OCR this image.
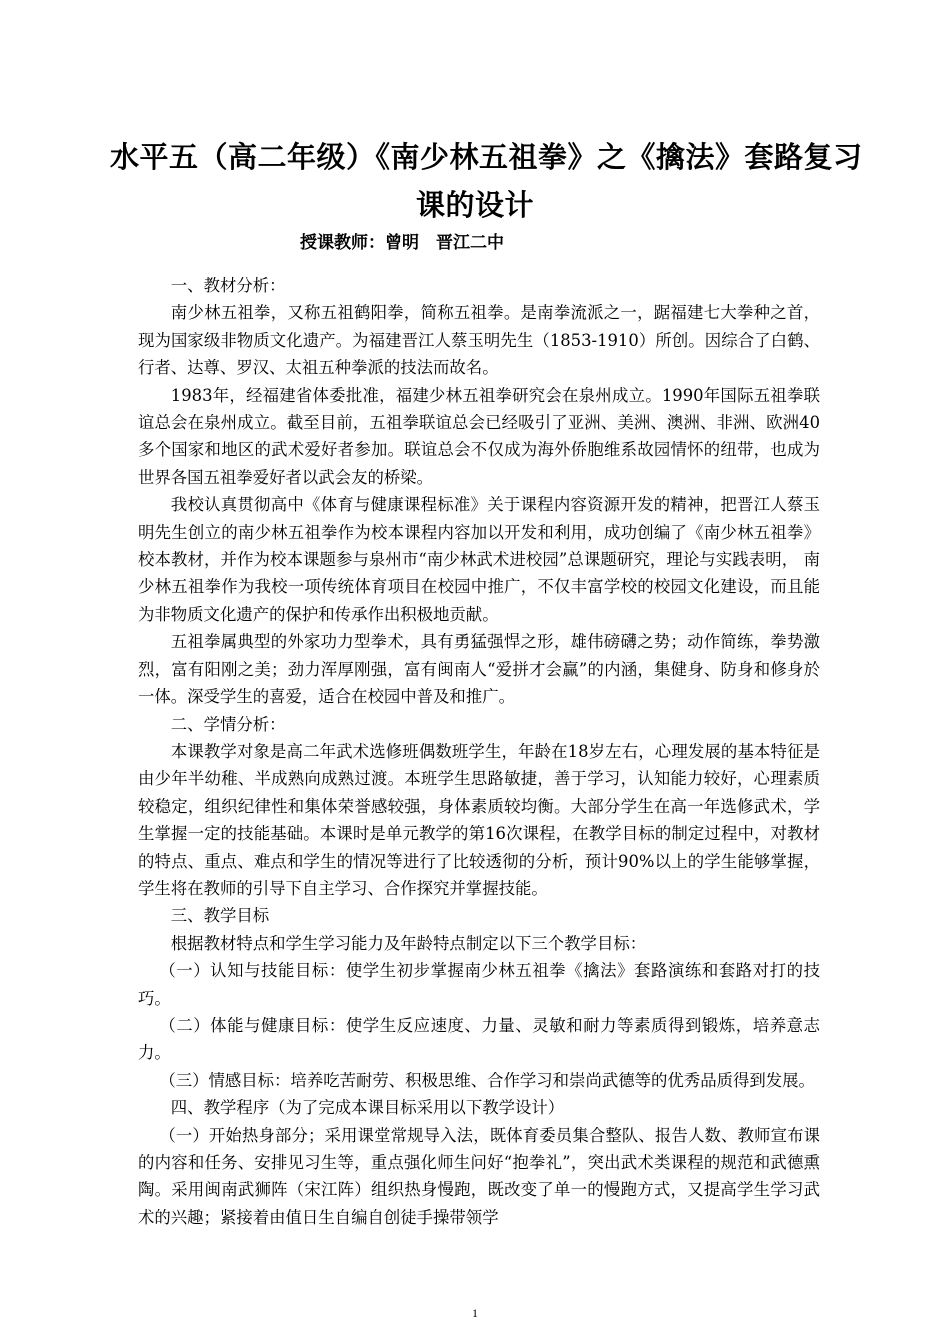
水平五（高二年级）《南少林五祖拳》之《擒法》套路复习
课的设计
授课教师：曾明　晋江二中

一、教材分析：

南少林五祖拳，又称五祖鹤阳拳，简称五祖拳。是南拳流派之一，踞福建七大拳种之首，现为国家级非物质文化遗产。为福建晋江人蔡玉明先生（1853-1910）所创。因综合了白鹤、行者、达尊、罗汉、太祖五种拳派的技法而故名。

1983年，经福建省体委批准，福建少林五祖拳研究会在泉州成立。1990年国际五祖拳联谊总会在泉州成立。截至目前，五祖拳联谊总会已经吸引了亚洲、美洲、澳洲、非洲、欧洲40多个国家和地区的武术爱好者参加。联谊总会不仅成为海外侨胞维系故园情怀的纽带，也成为世界各国五祖拳爱好者以武会友的桥梁。

我校认真贯彻高中《体育与健康课程标准》关于课程内容资源开发的精神，把晋江人蔡玉明先生创立的南少林五祖拳作为校本课程内容加以开发和利用，成功创编了《南少林五祖拳》校本教材，并作为校本课题参与泉州市“南少林武术进校园”总课题研究，理论与实践表明， 南少林五祖拳作为我校一项传统体育项目在校园中推广，不仅丰富学校的校园文化建设，而且能为非物质文化遗产的保护和传承作出积极地贡献。

五祖拳属典型的外家功力型拳术，具有勇猛强悍之形，雄伟磅礴之势；动作简练，拳势激烈，富有阳刚之美；劲力浑厚刚强，富有闽南人“爱拼才会赢”的内涵，集健身、防身和修身於一体。深受学生的喜爱，适合在校园中普及和推广。

二、学情分析：

本课教学对象是高二年武术选修班偶数班学生，年龄在18岁左右，心理发展的基本特征是由少年半幼稚、半成熟向成熟过渡。本班学生思路敏捷，善于学习，认知能力较好，心理素质较稳定，组织纪律性和集体荣誉感较强，身体素质较均衡。大部分学生在高一年选修武术，学生掌握一定的技能基础。本课时是单元教学的第16次课程，在教学目标的制定过程中，对教材的特点、重点、难点和学生的情况等进行了比较透彻的分析，预计90%以上的学生能够掌握，学生将在教师的引导下自主学习、合作探究并掌握技能。

三、教学目标

根据教材特点和学生学习能力及年龄特点制定以下三个教学目标：

（一）认知与技能目标：使学生初步掌握南少林五祖拳《擒法》套路演练和套路对打的技巧。

（二）体能与健康目标：使学生反应速度、力量、灵敏和耐力等素质得到锻炼，培养意志力。

（三）情感目标：培养吃苦耐劳、积极思维、合作学习和崇尚武德等的优秀品质得到发展。

四、教学程序（为了完成本课目标采用以下教学设计）

（一）开始热身部分；采用课堂常规导入法，既体育委员集合整队、报告人数、教师宣布课的内容和任务、安排见习生等，重点强化师生问好“抱拳礼”，突出武术类课程的规范和武德熏陶。采用闽南武狮阵（宋江阵）组织热身慢跑，既改变了单一的慢跑方式，又提高学生学习武术的兴趣；紧接着由值日生自编自创徒手操带领学

1
